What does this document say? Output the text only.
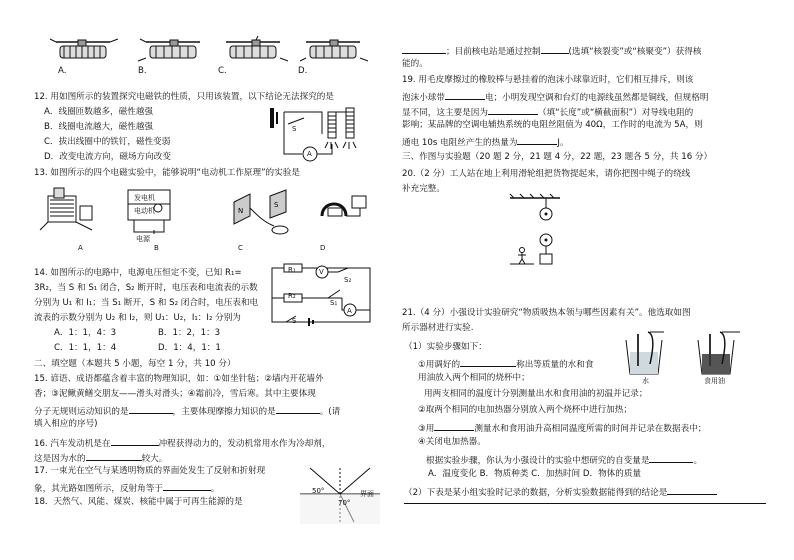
A.	B.	C.	D.
12. 用如图所示的装置探究电磁铁的性质，只用该装置，以下结论无法探究的是
A．线圈匝数越多，磁性越强
B．线圈电流越大，磁性越强
C．拔出线圈中的铁钉，磁性变弱
D．改变电流方向，磁场方向改变
S
A
13. 如图所示的四个电磁实验中，能够说明“电动机工作原理”的实验是
N
S
发电机
电动机
电源
A	B	C	D
14. 如图所示的电路中，电源电压恒定不变，已知 R₁=
3R₂，当 S 和 S₁ 闭合，S₂ 断开时，电压表和电流表的示数
分别为 U₁ 和 I₁；当 S₁ 断开，S 和 S₂ 闭合时，电压表和电
流表的示数分别为 U₂ 和 I₂，则 U₁：U₂，I₁：I₂ 分别为
A．1：1，4：3	B．1：2，1：3
C．1：1，1：4	D．1：4，1：1
R₁	V
S₂
R₂
S₁
A
S
二、填空题（本题共 5 小题，每空 1 分，共 10 分）
15. 谚语、成语都蕴含着丰富的物理知识，如：①如坐针毡；②墙内开花墙外
香；③泥鳅黄鳝交朋友——滑头对滑头；④霜前冷，雪后寒。其中主要体现
分子无规则运动知识的是	，主要体现摩擦力知识的是	。(请
填入相应的序号)
16. 汽车发动机是在	冲程获得动力的，发动机常用水作为冷却剂，
这是因为水的	较大。
17. 一束光在空气与某透明物质的界面处发生了反射和折射现
象，其光路如图所示，反射角等于	。	50°	界面
70°
18．天然气、风能、煤炭、核能中属于可再生能源的是
；目前核电站是通过控制	(选填“核裂变”或“核聚变”）获得核
能的。
19. 用毛皮摩擦过的橡胶棒与悬挂着的泡沫小球靠近时，它们相互排斥，则该
泡沫小球带	电；小明发现空调和台灯的电源线虽然都是铜线，但规格明
显不同，这主要是因为	（填“长度”或“横截面积”）对导线电阻的
影响；某品牌的空调电辅热系统的电阻丝阻值为 40Ω，工作时的电流为 5A，则
通电 10s 电阻丝产生的热量为	J。
三、作图与实验题（20 题 2 分，21 题 4 分，22 题，23 题各 5 分，共 16 分）
20.（2 分）工人站在地上利用滑轮组把货物提起来，请你把图中绳子的绕线
补充完整。
21.（4 分）小强设计实验研究“物质吸热本领与哪些因素有关”。他选取如图
所示器材进行实验.
（1）实验步骤如下：
①用调好的	称出等质量的水和食
用油放入两个相同的烧杯中；
用两支相同的温度计分别测量出水和食用油的初温并记录；
②取两个相同的电加热器分别放入两个烧杯中进行加热；
③用	测量水和食用油升高相同温度所需的时间并记录在数据表中；
④关闭电加热器。
根据实验步骤，你认为小强设计的实验中想研究的自变量是	。
A．温度变化 B．物质种类 C．加热时间 D．物体的质量
（2）下表是某小组实验时记录的数据，分析实验数据能得到的结论是
水	食用油
